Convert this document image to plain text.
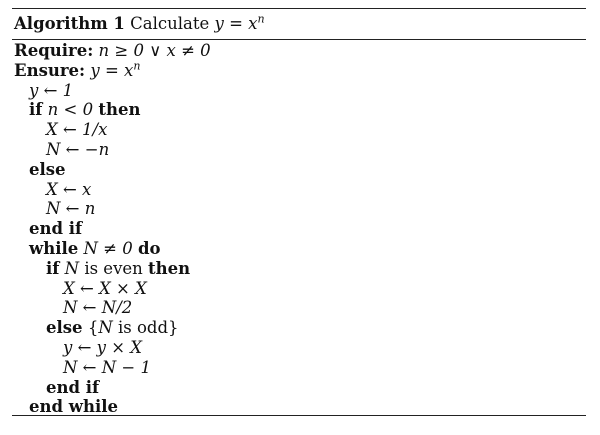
Algorithm 1 Calculate $y = x^n$
Require: n ≥ 0 ∨ x ≠ 0
Ensure: $y = x^n$
y ← 1
if n < 0 then
X ← 1/x
N ← −n
else
X ← x
N ← n
end if
while N ≠ 0 do
if N is even then
X ← X × X
N ← N/2
else {N is odd}
y ← y × X
N ← N − 1
end if
end while
